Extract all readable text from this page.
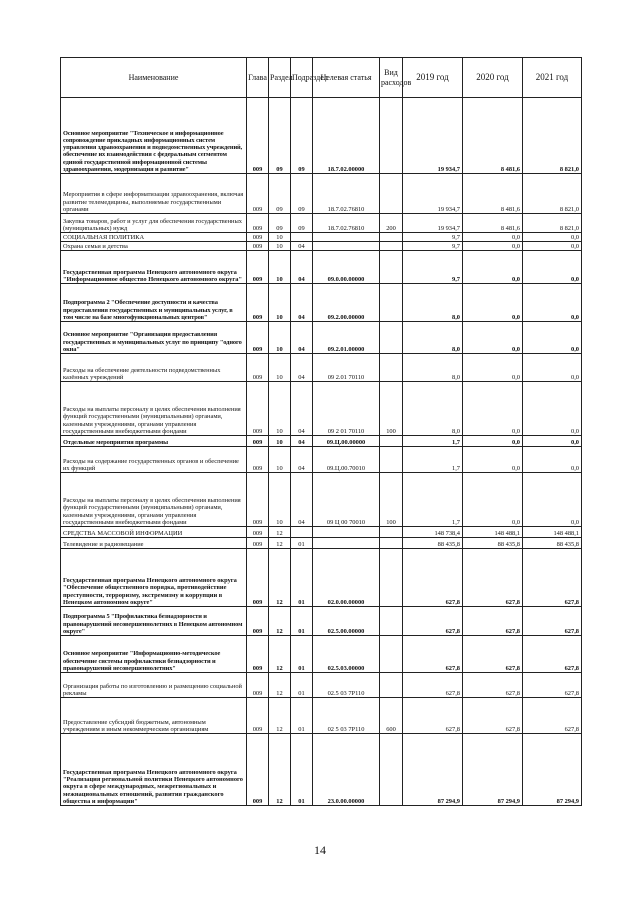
Наименование	Глава	Раздел	Подраздел	Целевая статья	Вид расходов	2019 год	2020 год	2021 год
Основное мероприятие "Техническое и информационное сопровождение прикладных информационных систем управления здравоохранения и подведомственных учреждений, обеспечение их взаимодействия с федеральным сегментом единой государственной информационной системы здравоохранения, модернизация и развитие"	009	09	09	18.7.02.00000		19 934,7	8 481,6	8 821,0
Мероприятия в сфере информатизации здравоохранения, включая развитие телемедицины, выполняемые государственными органами	009	09	09	18.7.02.76810		19 934,7	8 481,6	8 821,0
Закупка товаров, работ и услуг для обеспечения государственных (муниципальных) нужд	009	09	09	18.7.02.76810	200	19 934,7	8 481,6	8 821,0
СОЦИАЛЬНАЯ ПОЛИТИКА	009	10				9,7	0,0	0,0
Охрана семьи и детства	009	10	04			9,7	0,0	0,0
Государственная программа Ненецкого автономного округа "Информационное общество Ненецкого автономного округа"	009	10	04	09.0.00.00000		9,7	0,0	0,0
Подпрограмма 2 "Обеспечение доступности и качества предоставления государственных и муниципальных услуг, в том числе на базе многофункциональных центров"	009	10	04	09.2.00.00000		8,0	0,0	0,0
Основное мероприятие "Организация предоставления государственных и муниципальных услуг по принципу "одного окна"	009	10	04	09.2.01.00000		8,0	0,0	0,0
Расходы на обеспечение деятельности подведомственных казённых учреждений	009	10	04	09 2.01 70110		8,0	0,0	0,0
Расходы на выплаты персоналу в целях обеспечения выполнения функций государственными (муниципальными) органами, казенными учреждениями, органами управления государственными внебюджетными фондами	009	10	04	09 2 01 70110	100	8,0	0,0	0,0
Отдельные мероприятия программы	009	10	04	09.Ц.00.00000		1,7	0,0	0,0
Расходы на содержание государственных органов и обеспечение их функций	009	10	04	09.Ц.00.70010		1,7	0,0	0,0
Расходы на выплаты персоналу в целях обеспечения выполнения функций государственными (муниципальными) органами, казенными учреждениями, органами управления государственными внебюджетными фондами	009	10	04	09 Ц 00 70010	100	1,7	0,0	0,0
СРЕДСТВА МАССОВОЙ ИНФОРМАЦИИ	009	12				148 738,4	148 488,1	148 488,1
Телевидение и радиовещание	009	12	01			88 435,8	88 435,8	88 435,8
Государственная программа Ненецкого автономного округа "Обеспечение общественного порядка, противодействие преступности, терроризму, экстремизму и коррупции в Ненецком автономном округе"	009	12	01	02.0.00.00000		627,8	627,8	627,8
Подпрограмма 5 "Профилактика безнадзорности и правонарушений несовершеннолетних в Ненецком автономном округе"	009	12	01	02.5.00.00000		627,8	627,8	627,8
Основное мероприятие "Информационно-методическое обеспечение системы профилактики безнадзорности и правонарушений несовершеннолетних"	009	12	01	02.5.03.00000		627,8	627,8	627,8
Организация работы по изготовлению и размещению социальной рекламы	009	12	01	02.5 03 7Р110		627,8	627,8	627,8
Предоставление субсидий бюджетным, автономным учреждениям и иным некоммерческим организациям	009	12	01	02 5 03 7Р110	600	627,8	627,8	627,8
Государственная программа Ненецкого автономного округа "Реализация региональной политики Ненецкого автономного округа в сфере международных, межрегиональных и межнациональных отношений, развития гражданского общества и информации"	009	12	01	23.0.00.00000		87 294,9	87 294,9	87 294,9
14
